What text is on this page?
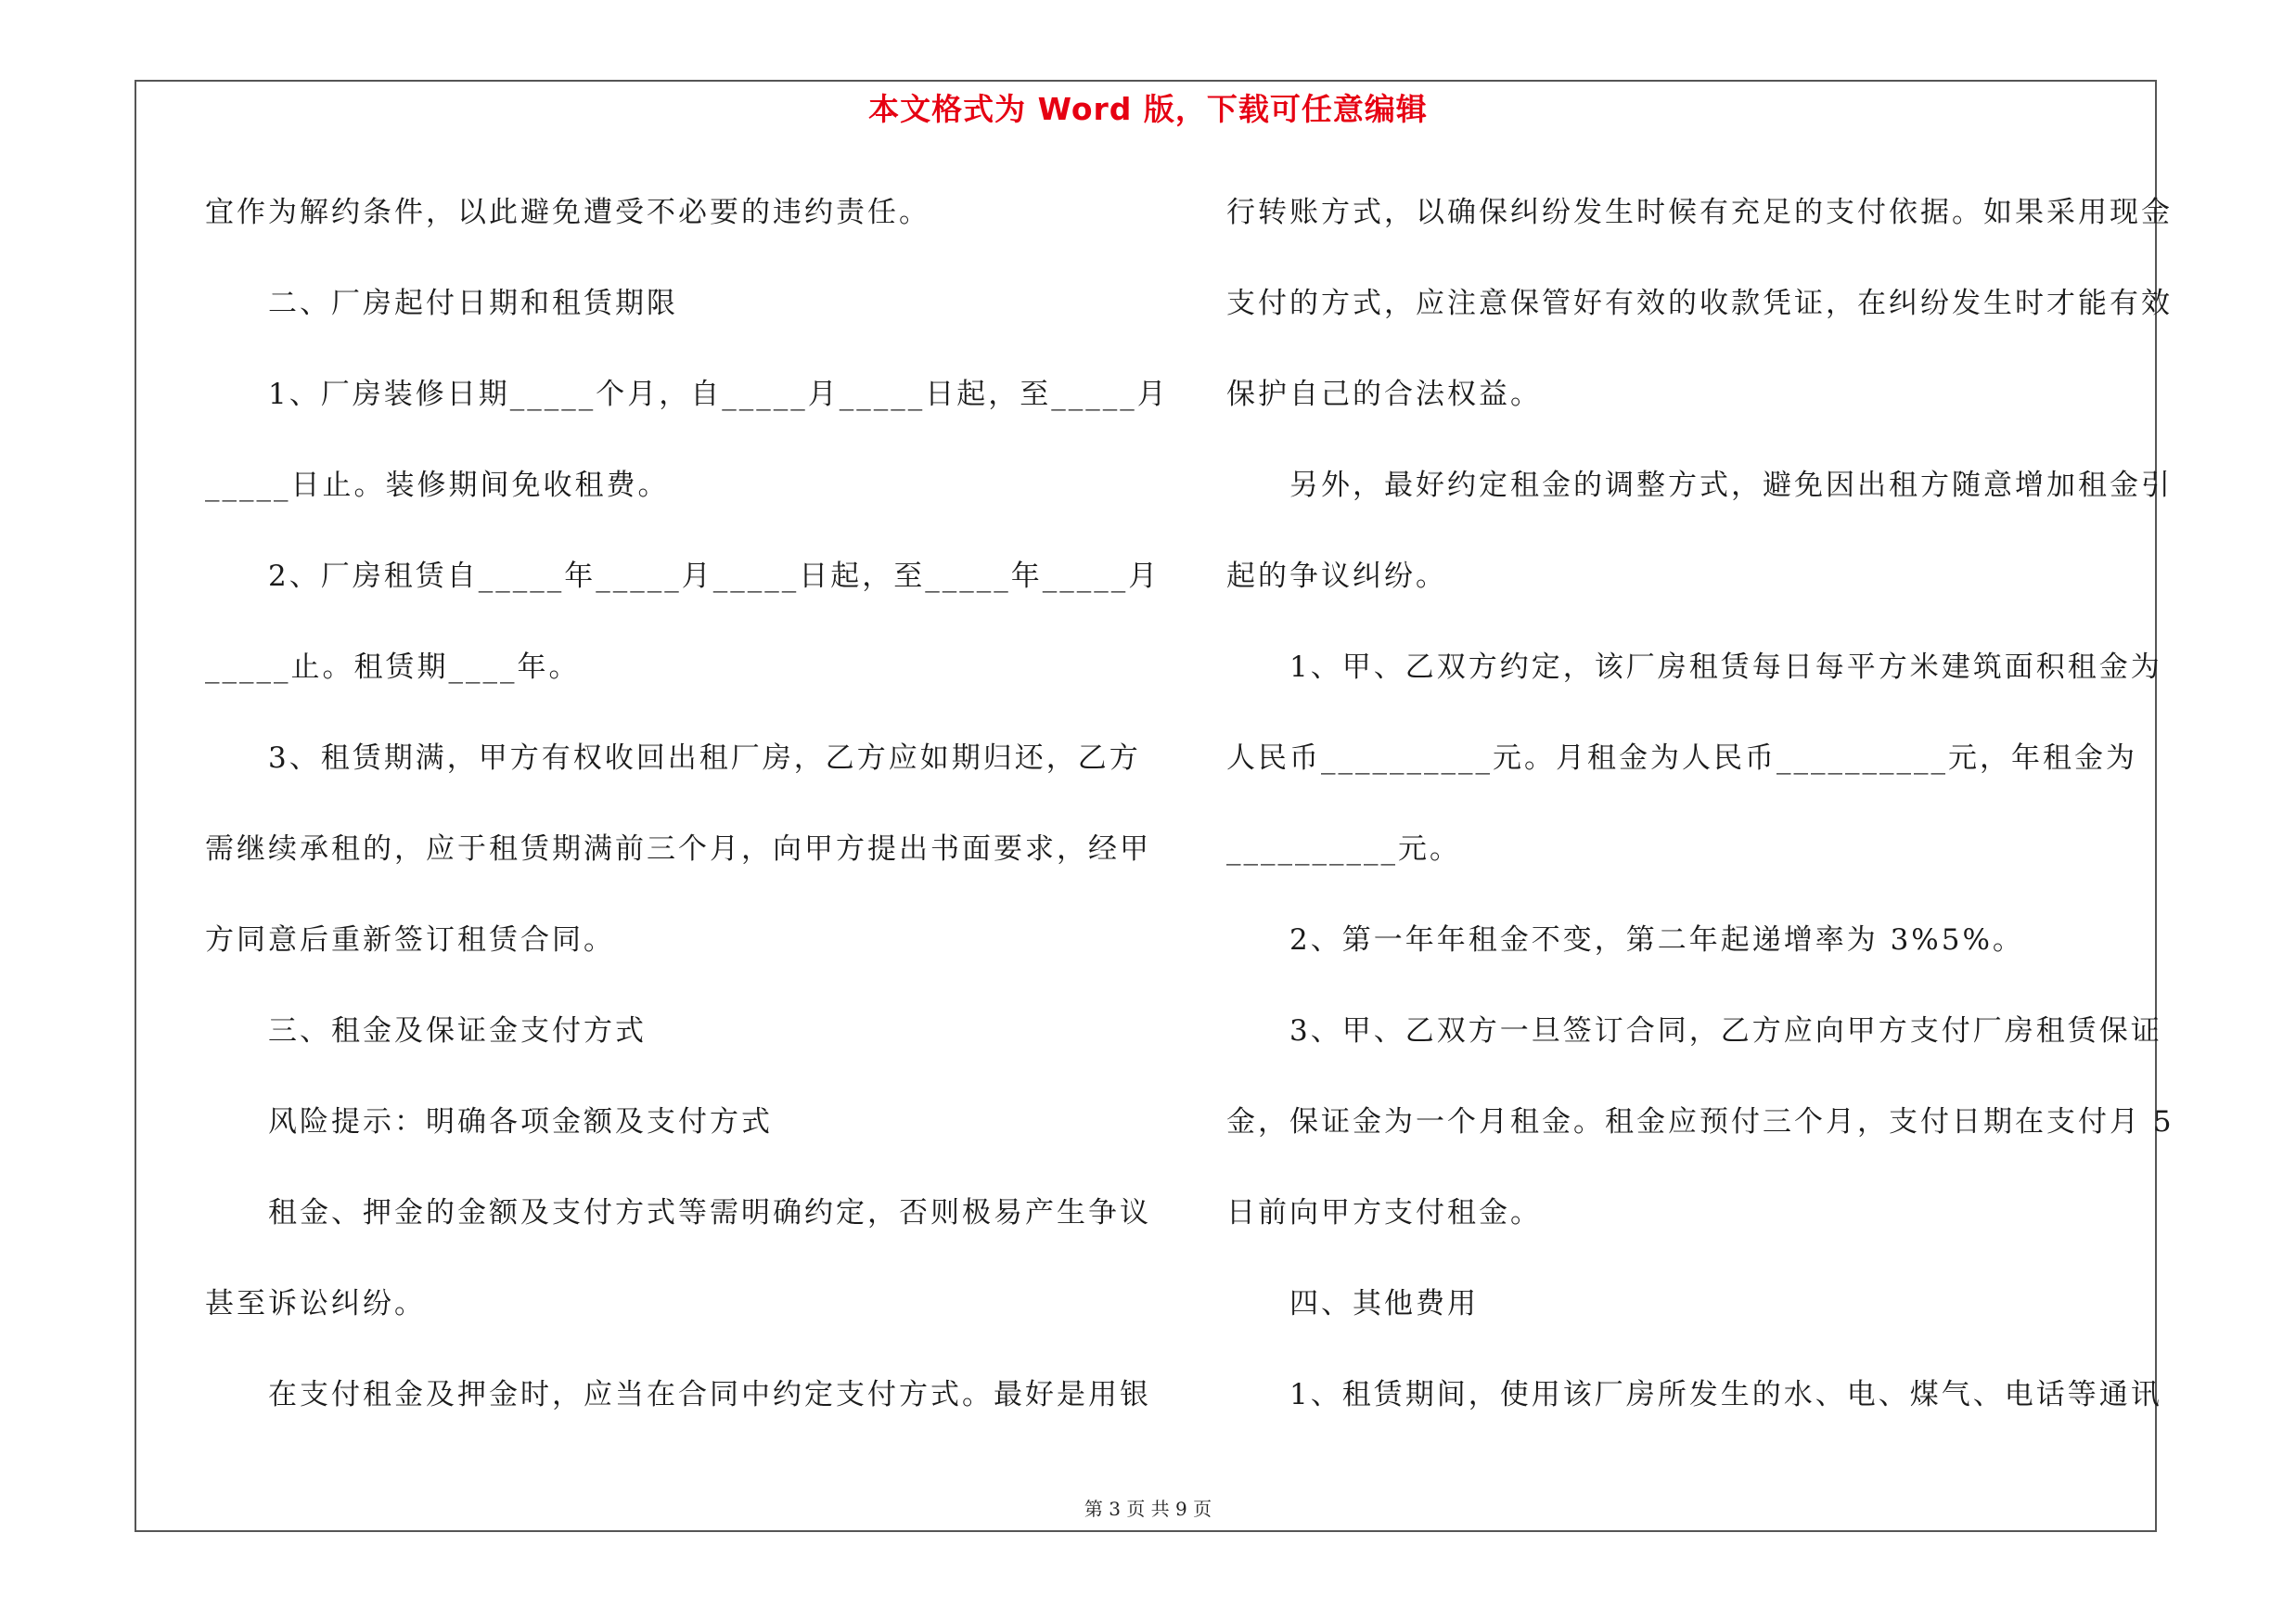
本文格式为 Word 版，下载可任意编辑
宜作为解约条件，以此避免遭受不必要的违约责任。
　　二、厂房起付日期和租赁期限
　　1、厂房装修日期_____个月，自_____月_____日起，至_____月
_____日止。装修期间免收租费。
　　2、厂房租赁自_____年_____月_____日起，至_____年_____月
_____止。租赁期____年。
　　3、租赁期满，甲方有权收回出租厂房，乙方应如期归还，乙方
需继续承租的，应于租赁期满前三个月，向甲方提出书面要求，经甲
方同意后重新签订租赁合同。
　　三、租金及保证金支付方式
　　风险提示：明确各项金额及支付方式
　　租金、押金的金额及支付方式等需明确约定，否则极易产生争议
甚至诉讼纠纷。
　　在支付租金及押金时，应当在合同中约定支付方式。最好是用银
行转账方式，以确保纠纷发生时候有充足的支付依据。如果采用现金
支付的方式，应注意保管好有效的收款凭证，在纠纷发生时才能有效
保护自己的合法权益。
　　另外，最好约定租金的调整方式，避免因出租方随意增加租金引
起的争议纠纷。
　　1、甲、乙双方约定，该厂房租赁每日每平方米建筑面积租金为
人民币__________元。月租金为人民币__________元，年租金为
__________元。
　　2、第一年年租金不变，第二年起递增率为 3%5%。
　　3、甲、乙双方一旦签订合同，乙方应向甲方支付厂房租赁保证
金，保证金为一个月租金。租金应预付三个月，支付日期在支付月 5
日前向甲方支付租金。
　　四、其他费用
　　1、租赁期间，使用该厂房所发生的水、电、煤气、电话等通讯
第 3 页 共 9 页
